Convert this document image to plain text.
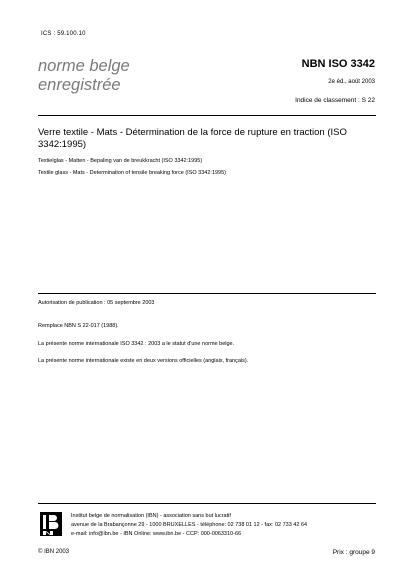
ICS : 59.100.10
norme belge
enregistrée
NBN ISO 3342
2e éd., août 2003
Indice de classement : S 22
Verre textile - Mats - Détermination de la force de rupture en traction (ISO 3342:1995)
Textielglas - Matten - Bepaling van de breukkracht (ISO 3342:1995)
Textile glass - Mats - Determination of tensile breaking force (ISO 3342:1995)
Autorisation de publication : 05 septembre 2003
Remplace NBN S 22-017 (1988).
La présente norme internationale ISO 3342 : 2003 a le statut d'une norme belge.
La présente norme internationale existe en deux versions officielles (anglais, français).
Institut belge de normalisation (IBN) - association sans but lucratif
avenue de la Brabançonne 29 - 1000 BRUXELLES - téléphone: 02 738 01 12 - fax: 02 733 42 64
e-mail: info@ibn.be - IBN Online: www.ibn.be - CCP: 000-0063310-66
© IBN 2003	Prix : groupe 9
